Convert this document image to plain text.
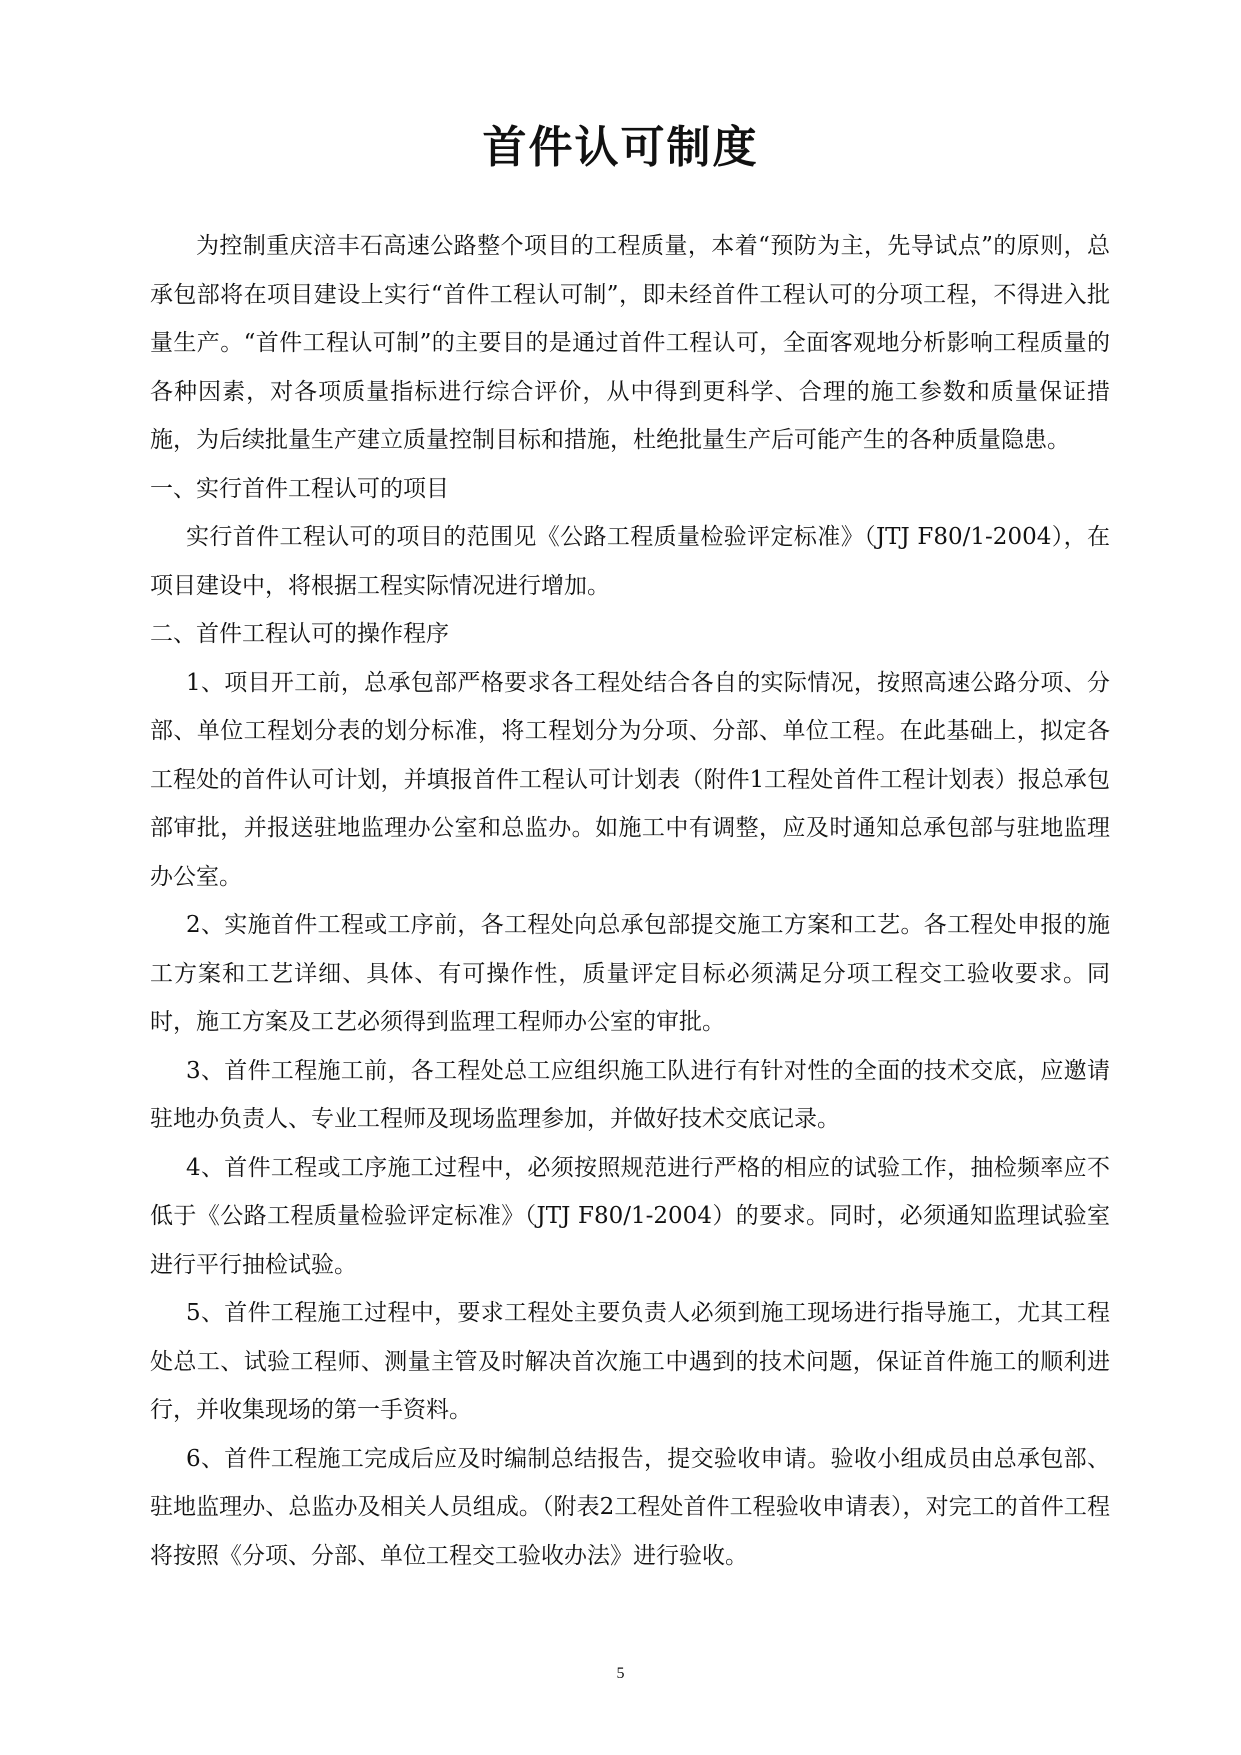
首件认可制度

为控制重庆涪丰石高速公路整个项目的工程质量，本着“预防为主，先导试点”的原则，总承包部将在项目建设上实行“首件工程认可制”，即未经首件工程认可的分项工程，不得进入批量生产。“首件工程认可制”的主要目的是通过首件工程认可，全面客观地分析影响工程质量的各种因素，对各项质量指标进行综合评价，从中得到更科学、合理的施工参数和质量保证措施，为后续批量生产建立质量控制目标和措施，杜绝批量生产后可能产生的各种质量隐患。

一、实行首件工程认可的项目

实行首件工程认可的项目的范围见《公路工程质量检验评定标准》（JTJ F80/1-2004），在项目建设中，将根据工程实际情况进行增加。

二、首件工程认可的操作程序

1、项目开工前，总承包部严格要求各工程处结合各自的实际情况，按照高速公路分项、分部、单位工程划分表的划分标准，将工程划分为分项、分部、单位工程。在此基础上，拟定各工程处的首件认可计划，并填报首件工程认可计划表（附件1工程处首件工程计划表）报总承包部审批，并报送驻地监理办公室和总监办。如施工中有调整，应及时通知总承包部与驻地监理办公室。

2、实施首件工程或工序前，各工程处向总承包部提交施工方案和工艺。各工程处申报的施工方案和工艺详细、具体、有可操作性，质量评定目标必须满足分项工程交工验收要求。同时，施工方案及工艺必须得到监理工程师办公室的审批。

3、首件工程施工前，各工程处总工应组织施工队进行有针对性的全面的技术交底，应邀请驻地办负责人、专业工程师及现场监理参加，并做好技术交底记录。

4、首件工程或工序施工过程中，必须按照规范进行严格的相应的试验工作，抽检频率应不低于《公路工程质量检验评定标准》（JTJ F80/1-2004）的要求。同时，必须通知监理试验室进行平行抽检试验。

5、首件工程施工过程中，要求工程处主要负责人必须到施工现场进行指导施工，尤其工程处总工、试验工程师、测量主管及时解决首次施工中遇到的技术问题，保证首件施工的顺利进行，并收集现场的第一手资料。

6、首件工程施工完成后应及时编制总结报告，提交验收申请。验收小组成员由总承包部、驻地监理办、总监办及相关人员组成。（附表2工程处首件工程验收申请表），对完工的首件工程将按照《分项、分部、单位工程交工验收办法》进行验收。

5
